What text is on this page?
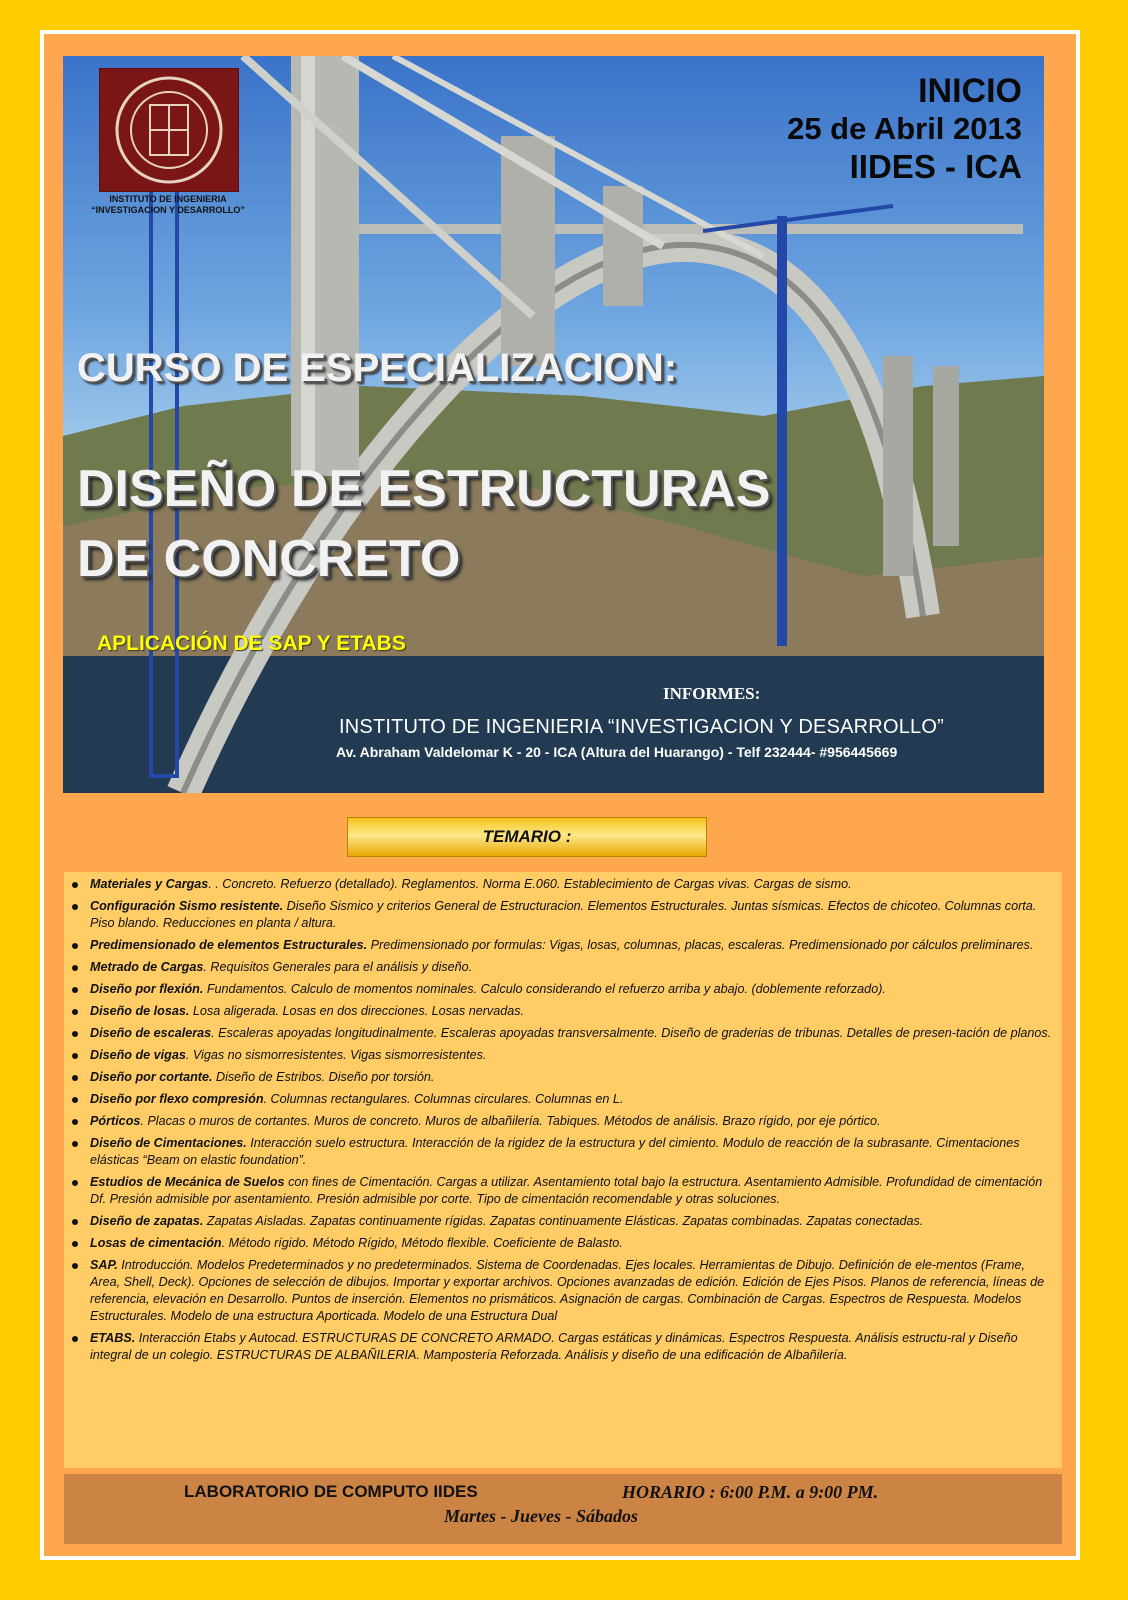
INSTITUTO DE INGENIERIA
“INVESTIGACION Y DESARROLLO”
INICIO
25 de Abril 2013
IIDES - ICA
CURSO DE ESPECIALIZACION:
DISEÑO DE ESTRUCTURAS
DE CONCRETO
APLICACIÓN DE SAP Y ETABS
INFORMES:
INSTITUTO DE INGENIERIA “INVESTIGACION Y DESARROLLO”
Av. Abraham Valdelomar K - 20 - ICA (Altura del Huarango) - Telf 232444- #956445669
TEMARIO :
Materiales y Cargas. . Concreto. Refuerzo (detallado). Reglamentos. Norma E.060. Establecimiento de Cargas vivas. Cargas de sismo.
Configuración Sismo resistente. Diseño Sismico y criterios General de Estructuracion. Elementos Estructurales. Juntas sísmicas. Efectos de chicoteo. Columnas corta. Piso blando. Reducciones en planta / altura.
Predimensionado de elementos Estructurales. Predimensionado por formulas: Vigas, losas, columnas, placas, escaleras. Predimensionado por cálculos preliminares.
Metrado de Cargas. Requisitos Generales para el análisis y diseño.
Diseño por flexión. Fundamentos. Calculo de momentos nominales. Calculo considerando el refuerzo arriba y abajo. (doblemente reforzado).
Diseño de losas. Losa aligerada. Losas en dos direcciones. Losas nervadas.
Diseño de escaleras. Escaleras apoyadas longitudinalmente. Escaleras apoyadas transversalmente. Diseño de graderias de tribunas. Detalles de presen-tación de planos.
Diseño de vigas. Vigas no sismorresistentes. Vigas sismorresistentes.
Diseño por cortante. Diseño de Estribos. Diseño por torsión.
Diseño por flexo compresión. Columnas rectangulares. Columnas circulares. Columnas en L.
Pórticos. Placas o muros de cortantes. Muros de concreto. Muros de albañilería. Tabiques. Métodos de análisis. Brazo rígido, por eje pórtico.
Diseño de Cimentaciones. Interacción suelo estructura. Interacción de la rigidez de la estructura y del cimiento. Modulo de reacción de la subrasante. Cimentaciones elásticas “Beam on elastic foundation”.
Estudios de Mecánica de Suelos con fines de Cimentación. Cargas a utilizar. Asentamiento total bajo la estructura. Asentamiento Admisible. Profundidad de cimentación Df. Presión admisible por asentamiento. Presión admisible por corte. Tipo de cimentación recomendable y otras soluciones.
Diseño de zapatas. Zapatas Aisladas. Zapatas continuamente rígidas. Zapatas continuamente Elásticas. Zapatas combinadas. Zapatas conectadas.
Losas de cimentación. Método rígido. Método Rígido, Método flexible. Coeficiente de Balasto.
SAP. Introducción. Modelos Predeterminados y no predeterminados. Sistema de Coordenadas. Ejes locales. Herramientas de Dibujo. Definición de ele-mentos (Frame, Area, Shell, Deck). Opciones de selección de dibujos. Importar y exportar archivos. Opciones avanzadas de edición. Edición de Ejes Pisos. Planos de referencia, líneas de referencia, elevación en Desarrollo. Puntos de inserción. Elementos no prismáticos. Asignación de cargas. Combinación de Cargas. Espectros de Respuesta. Modelos Estructurales. Modelo de una estructura Aporticada. Modelo de una Estructura Dual
ETABS. Interacción Etabs y Autocad. ESTRUCTURAS DE CONCRETO ARMADO. Cargas estáticas y dinámicas. Espectros Respuesta. Análisis estructu-ral y Diseño integral de un colegio. ESTRUCTURAS DE ALBAÑILERIA. Mampostería Reforzada. Análisis y diseño de una edificación de Albañilería.
LABORATORIO DE COMPUTO IIDES	HORARIO : 6:00 P.M. a 9:00 PM.
Martes - Jueves - Sábados
